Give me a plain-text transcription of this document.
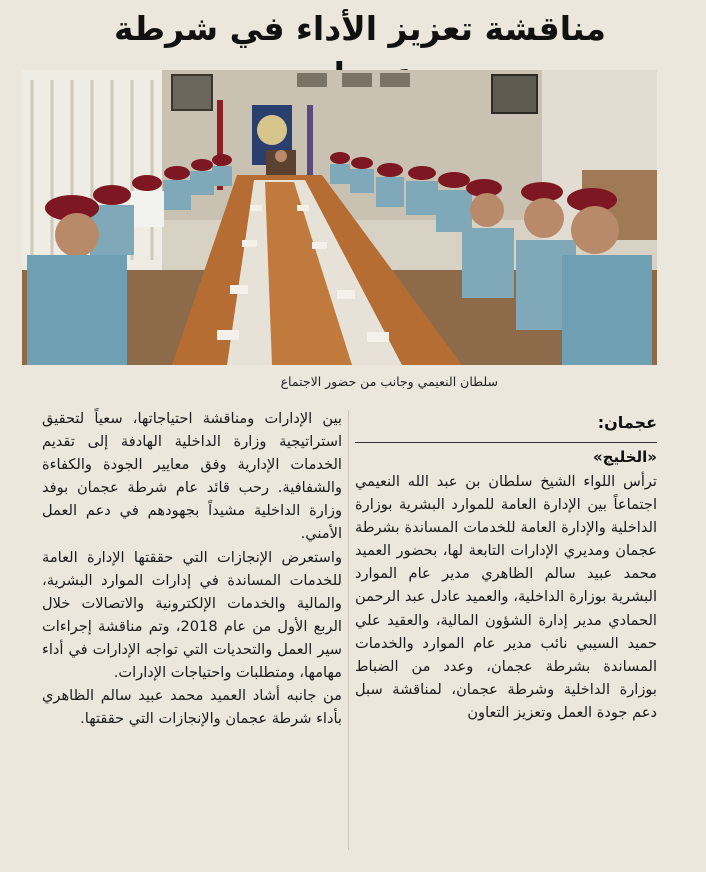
مناقشة تعزيز الأداء في شرطة
سلطان النعيمي وجانب من حضور الاجتماع
عجمان:
«الخليج»

ترأس اللواء الشيخ سلطان بن عبد الله النعيمي اجتماعاً بين الإدارة العامة للموارد البشرية بوزارة الداخلية والإدارة العامة للخدمات المساندة بشرطة عجمان ومديري الإدارات التابعة لها، بحضور العميد محمد عبيد سالم الظاهري مدير عام الموارد البشرية بوزارة الداخلية، والعميد عادل عبد الرحمن الحمادي مدير إدارة الشؤون المالية، والعقيد علي حميد السيبي نائب مدير عام الموارد والخدمات المساندة بشرطة عجمان، وعدد من الضباط بوزارة الداخلية وشرطة عجمان، لمناقشة سبل دعم جودة العمل وتعزيز التعاون

بين الإدارات ومناقشة احتياجاتها، سعياً لتحقيق استراتيجية وزارة الداخلية الهادفة إلى تقديم الخدمات الإدارية وفق معايير الجودة والكفاءة والشفافية. رحب قائد عام شرطة عجمان بوفد وزارة الداخلية مشيداً بجهودهم في دعم العمل الأمني.

واستعرض الإنجازات التي حققتها الإدارة العامة للخدمات المساندة في إدارات الموارد البشرية، والمالية والخدمات الإلكترونية والاتصالات خلال الربع الأول من عام 2018، وتم مناقشة إجراءات سير العمل والتحديات التي تواجه الإدارات في أداء مهامها، ومتطلبات واحتياجات الإدارات.

من جانبه أشاد العميد محمد عبيد سالم الظاهري بأداء شرطة عجمان والإنجازات التي حققتها.
